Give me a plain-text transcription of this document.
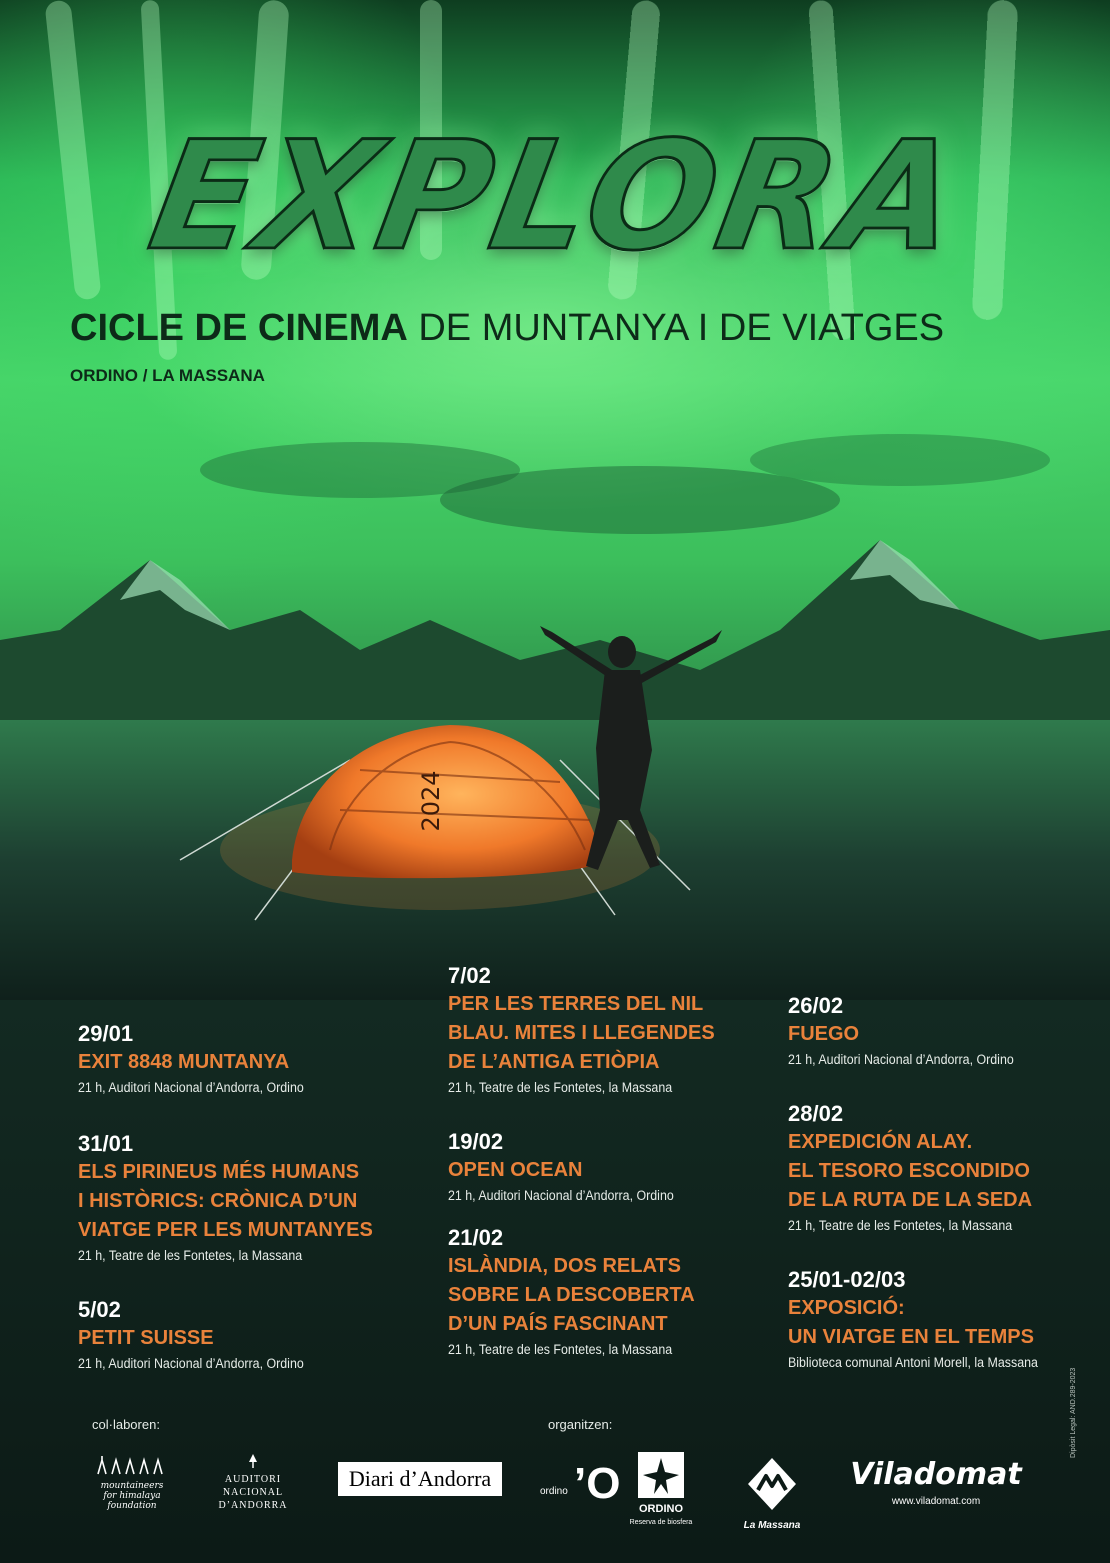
EXPLORA

CICLE DE CINEMA DE MUNTANYA I DE VIATGES

ORDINO / LA MASSANA

2024
29/01
EXIT 8848 MUNTANYA
21 h, Auditori Nacional d’Andorra, Ordino
31/01
ELS PIRINEUS MÉS HUMANS
I HISTÒRICS: CRÒNICA D’UN
VIATGE PER LES MUNTANYES
21 h, Teatre de les Fontetes, la Massana
5/02
PETIT SUISSE
21 h, Auditori Nacional d’Andorra, Ordino
7/02
PER LES TERRES DEL NIL
BLAU. MITES I LLEGENDES
DE L’ANTIGA ETIÒPIA
21 h, Teatre de les Fontetes, la Massana
19/02
OPEN OCEAN
21 h, Auditori Nacional d’Andorra, Ordino
21/02
ISLÀNDIA, DOS RELATS
SOBRE LA DESCOBERTA
D’UN PAÍS FASCINANT
21 h, Teatre de les Fontetes, la Massana
26/02
FUEGO
21 h, Auditori Nacional d’Andorra, Ordino
28/02
EXPEDICIÓN ALAY.
EL TESORO ESCONDIDO
DE LA RUTA DE LA SEDA
21 h, Teatre de les Fontetes, la Massana
25/01-02/03
EXPOSICIÓ:
UN VIATGE EN EL TEMPS
Biblioteca comunal Antoni Morell, la Massana
col·laboren:	organitzen:
mountaineers
for himalaya
foundation
AUDITORI
NACIONAL
D’ANDORRA
Diari d’Andorra
ordino ’O
ORDINO
Reserva de biosfera	La Massana
Viladomat
www.viladomat.com
Dipòsit Legal: AND.289-2023
